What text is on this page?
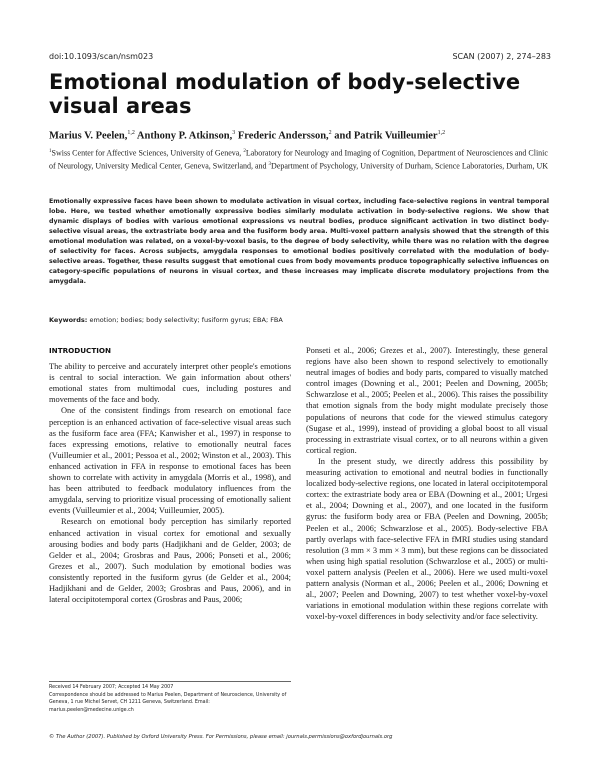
doi:10.1093/scan/nsm023	SCAN (2007) 2, 274–283
Emotional modulation of body-selective visual areas
Marius V. Peelen,$^{1,2}$ Anthony P. Atkinson,$^3$ Frederic Andersson,$^2$ and Patrik Vuilleumier$^{1,2}$
$^1$Swiss Center for Affective Sciences, University of Geneva, $^2$Laboratory for Neurology and Imaging of Cognition, Department of Neurosciences and Clinic of Neurology, University Medical Center, Geneva, Switzerland, and $^3$Department of Psychology, University of Durham, Science Laboratories, Durham, UK
Emotionally expressive faces have been shown to modulate activation in visual cortex, including face-selective regions in ventral temporal lobe. Here, we tested whether emotionally expressive bodies similarly modulate activation in body-selective regions. We show that dynamic displays of bodies with various emotional expressions vs neutral bodies, produce significant activation in two distinct body-selective visual areas, the extrastriate body area and the fusiform body area. Multi-voxel pattern analysis showed that the strength of this emotional modulation was related, on a voxel-by-voxel basis, to the degree of body selectivity, while there was no relation with the degree of selectivity for faces. Across subjects, amygdala responses to emotional bodies positively correlated with the modulation of body-selective areas. Together, these results suggest that emotional cues from body movements produce topographically selective influences on category-specific populations of neurons in visual cortex, and these increases may implicate discrete modulatory projections from the amygdala.
Keywords: emotion; bodies; body selectivity; fusiform gyrus; EBA; FBA
INTRODUCTION

The ability to perceive and accurately interpret other people's emotions is central to social interaction. We gain information about others' emotional states from multimodal cues, including postures and movements of the face and body.

One of the consistent findings from research on emotional face perception is an enhanced activation of face-selective visual areas such as the fusiform face area (FFA; Kanwisher et al., 1997) in response to faces expressing emotions, relative to emotionally neutral faces (Vuilleumier et al., 2001; Pessoa et al., 2002; Winston et al., 2003). This enhanced activation in FFA in response to emotional faces has been shown to correlate with activity in amygdala (Morris et al., 1998), and has been attributed to feedback modulatory influences from the amygdala, serving to prioritize visual processing of emotionally salient events (Vuilleumier et al., 2004; Vuilleumier, 2005).

Research on emotional body perception has similarly reported enhanced activation in visual cortex for emotional and sexually arousing bodies and body parts (Hadjikhani and de Gelder, 2003; de Gelder et al., 2004; Grosbras and Paus, 2006; Ponseti et al., 2006; Grezes et al., 2007). Such modulation by emotional bodies was consistently reported in the fusiform gyrus (de Gelder et al., 2004; Hadjikhani and de Gelder, 2003; Grosbras and Paus, 2006), and in lateral occipitotemporal cortex (Grosbras and Paus, 2006;

Ponseti et al., 2006; Grezes et al., 2007). Interestingly, these general regions have also been shown to respond selectively to emotionally neutral images of bodies and body parts, compared to visually matched control images (Downing et al., 2001; Peelen and Downing, 2005b; Schwarzlose et al., 2005; Peelen et al., 2006). This raises the possibility that emotion signals from the body might modulate precisely those populations of neurons that code for the viewed stimulus category (Sugase et al., 1999), instead of providing a global boost to all visual processing in extrastriate visual cortex, or to all neurons within a given cortical region.

In the present study, we directly address this possibility by measuring activation to emotional and neutral bodies in functionally localized body-selective regions, one located in lateral occipitotemporal cortex: the extrastriate body area or EBA (Downing et al., 2001; Urgesi et al., 2004; Downing et al., 2007), and one located in the fusiform gyrus: the fusiform body area or FBA (Peelen and Downing, 2005b; Peelen et al., 2006; Schwarzlose et al., 2005). Body-selective FBA partly overlaps with face-selective FFA in fMRI studies using standard resolution (3 mm × 3 mm × 3 mm), but these regions can be dissociated when using high spatial resolution (Schwarzlose et al., 2005) or multi-voxel pattern analysis (Peelen et al., 2006). Here we used multi-voxel pattern analysis (Norman et al., 2006; Peelen et al., 2006; Downing et al., 2007; Peelen and Downing, 2007) to test whether voxel-by-voxel variations in emotional modulation within these regions correlate with voxel-by-voxel differences in body selectivity and/or face selectivity.

Received 14 February 2007; Accepted 14 May 2007
Correspondence should be addressed to Marius Peelen, Department of Neuroscience, University of Geneva, 1 rue Michel Servet, CH 1211 Geneva, Switzerland. Email: marius.peelen@medecine.unige.ch
© The Author (2007). Published by Oxford University Press. For Permissions, please email: journals.permissions@oxfordjournals.org
